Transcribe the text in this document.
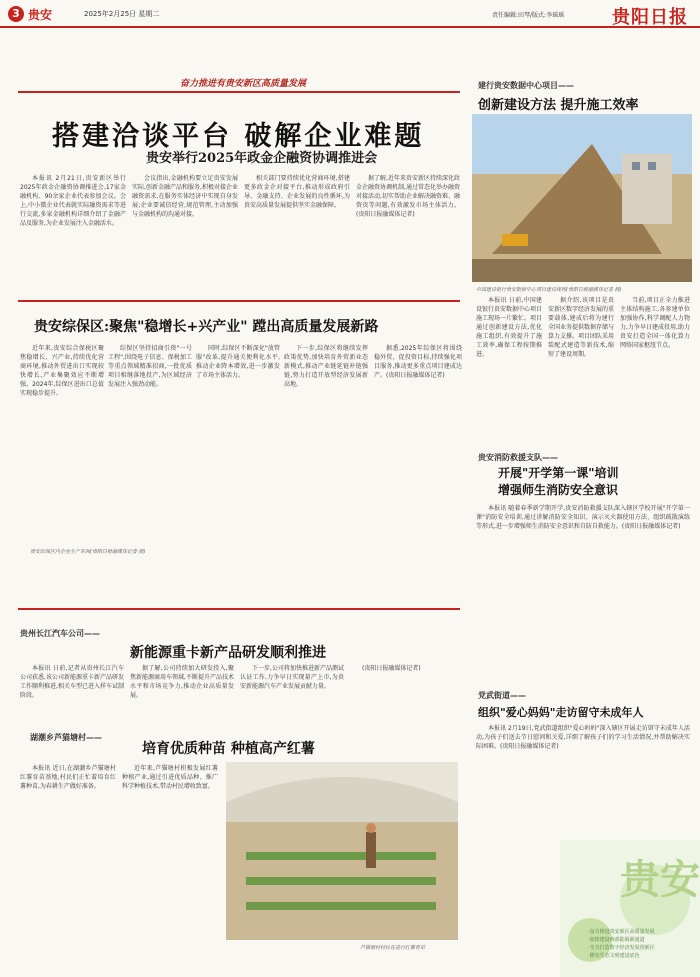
3 贵安	2025年2月25日 星期二	责任编辑:田琴/版式:李瑶瑶	贵阳日报
奋力推进有贵安新区高质量发展
搭建洽谈平台 破解企业难题
贵安举行2025年政金企融资协调推进会

本报讯 2月21日,贵安新区举行2025年政金企融资协调推进会,17家金融机构、90余家企业代表参加会议。会上,中小微企业代表就实际融资需求等进行交流,多家金融机构详细介绍了金融产品及服务,为企业发展注入金融活水。

会议指出,金融机构要立足贵安发展实际,创新金融产品和服务,积极对接企业融资需求,在服务实体经济中实现自身发展;企业要诚信经营,规范管理,主动加强与金融机构的沟通对接。

相关部门要持续优化营商环境,搭建更多政金企对接平台,推动形成政府引导、金融支持、企业发展的良性循环,为贵安高质量发展提供坚实金融保障。

据了解,近年来贵安新区持续深化政金企融资协调机制,通过常态化举办融资对接活动,切实帮助企业解决融资难、融资贵等问题,有效激发市场主体活力。(贵阳日报融媒体记者)

建行贵安数据中心项目——
创新建设方法 提升施工效率
中国建设银行贵安数据中心项目建设现场(贵阳日报融媒体记者 摄)

本报讯 日前,中国建设银行贵安数据中心项目施工现场一片繁忙。项目通过创新建设方法,优化施工组织,有效提升了施工效率,确保工程按期推进。

据介绍,该项目是贵安新区数字经济发展的重要载体,建成后将为建行全国业务提供数据存储与算力支撑。项目团队采用装配式建造等新技术,缩短了建设周期。

当前,项目正全力推进主体结构施工,各参建单位加强协作,科学调配人力物力,力争早日建成投用,助力贵安打造全国一体化算力网络国家枢纽节点。

贵安综保区:聚焦"稳增长+兴产业" 蹚出高质量发展新路

近年来,贵安综合保税区聚焦稳增长、兴产业,持续优化营商环境,推动外贸进出口实现较快增长,产业集聚效应不断增强。2024年,综保区进出口总值实现稳步提升。

综保区坚持招商引资"一号工程",围绕电子信息、保税加工等重点领域精准招商,一批优质项目相继落地投产,为区域经济发展注入强劲动能。

同时,综保区不断深化"放管服"改革,提升通关便利化水平,推动企业降本增效,进一步激发了市场主体活力。

下一步,综保区将继续发挥政策优势,加快培育外贸新业态新模式,推动产业链延链补链强链,努力打造开放型经济发展新高地。

据悉,2025年综保区将围绕稳外贸、促投资目标,持续强化项目服务,推动更多重点项目建成达产。(贵阳日报融媒体记者)

贵安综保区内企业生产车间(贵阳日报融媒体记者 摄)
贵安消防救援支队——
开展"开学第一课"培训
增强师生消防安全意识

本报讯 随着春季新学期开学,贵安消防救援支队深入辖区学校开展"开学第一课"消防安全培训,通过讲解消防安全知识、演示灭火器使用方法、组织疏散演练等形式,进一步增强师生消防安全意识和自防自救能力。(贵阳日报融媒体记者)

贵州长江汽车公司——
新能源重卡新产品研发顺利推进

本报讯 日前,记者从贵州长江汽车公司获悉,该公司新能源重卡新产品研发工作顺利推进,相关车型已进入样车试制阶段。

据了解,公司持续加大研发投入,聚焦新能源商用车领域,不断提升产品技术水平和市场竞争力,推动企业高质量发展。

下一步,公司将加快推进新产品测试认证工作,力争早日实现量产上市,为贵安新能源汽车产业发展贡献力量。

(贵阳日报融媒体记者)

党武街道——
组织"爱心妈妈"走访留守未成年人

本报讯 2月19日,党武街道组织"爱心妈妈"深入辖区开展走访留守未成年人活动,为孩子们送去节日慰问和关爱,详细了解孩子们的学习生活情况,并帮助解决实际困难。(贵阳日报融媒体记者)

湖潮乡芦猫塘村——
培育优质种苗 种植高产红薯

本报讯 近日,在湖潮乡芦猫塘村红薯育苗基地,村民们正忙着培育红薯种苗,为春耕生产做好准备。

近年来,芦猫塘村积极发展红薯种植产业,通过引进优质品种、推广科学种植技术,带动村民增收致富。

芦猫塘村村民在进行红薯育苗
贵安
·奋力推进贵安新区高质量发展
·加快建设西部陆海新通道
·全力打造数字经济发展创新区
·擦亮生态文明建设底色
